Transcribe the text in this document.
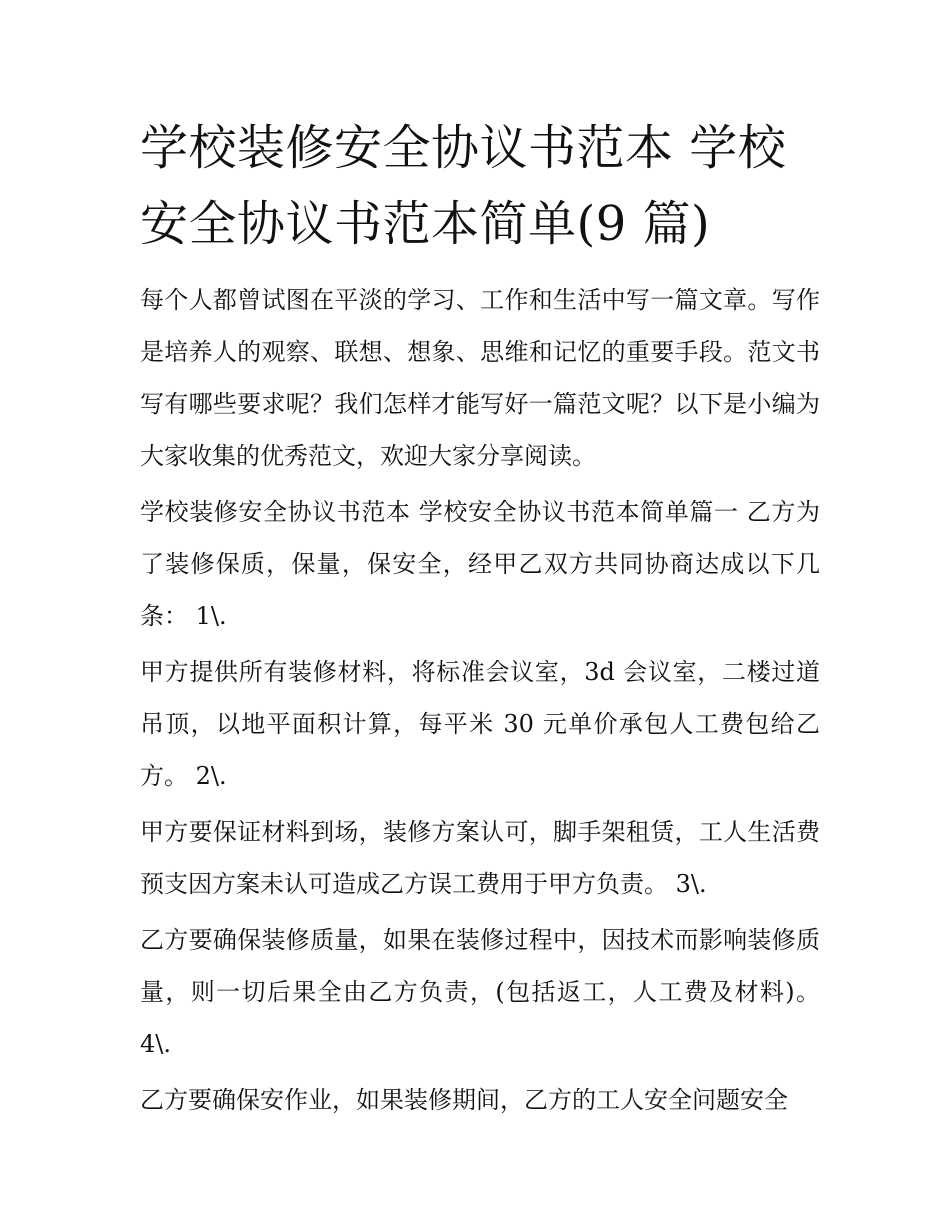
学校装修安全协议书范本 学校安全协议书范本简单(9 篇)

每个人都曾试图在平淡的学习、工作和生活中写一篇文章。写作是培养人的观察、联想、想象、思维和记忆的重要手段。范文书写有哪些要求呢？我们怎样才能写好一篇范文呢？以下是小编为大家收集的优秀范文，欢迎大家分享阅读。

学校装修安全协议书范本 学校安全协议书范本简单篇一 乙方为了装修保质，保量，保安全，经甲乙双方共同协商达成以下几条： 1\.

甲方提供所有装修材料，将标准会议室，3d 会议室，二楼过道吊顶，以地平面积计算，每平米 30 元单价承包人工费包给乙方。 2\.

甲方要保证材料到场，装修方案认可，脚手架租赁，工人生活费预支因方案未认可造成乙方误工费用于甲方负责。 3\.

乙方要确保装修质量，如果在装修过程中，因技术而影响装修质量，则一切后果全由乙方负责，(包括返工，人工费及材料)。 4\.

乙方要确保安作业，如果装修期间，乙方的工人安全问题安全
